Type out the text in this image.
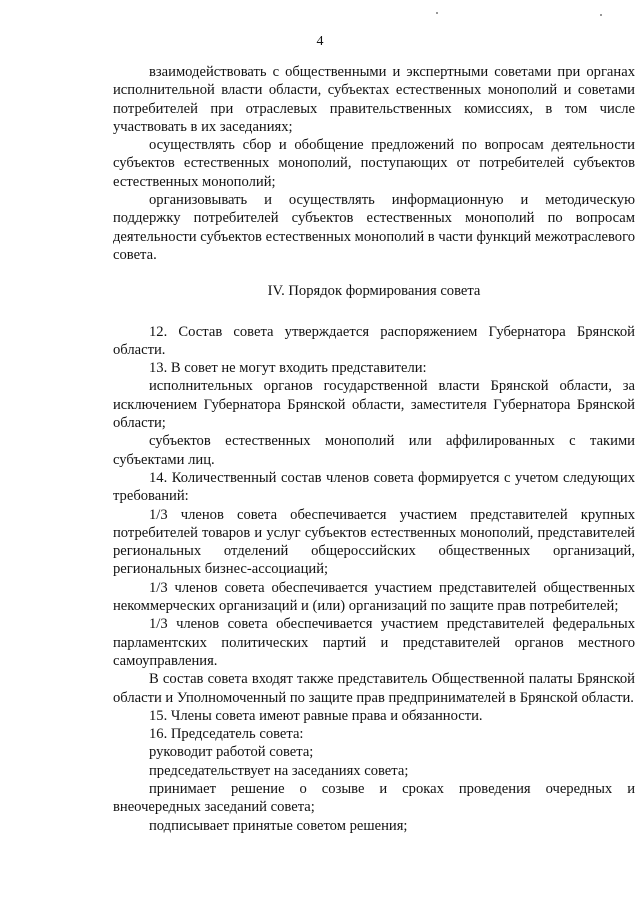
4

взаимодействовать с общественными и экспертными советами при органах исполнительной власти области, субъектах естественных монополий и советами потребителей при отраслевых правительственных комиссиях, в том числе участвовать в их заседаниях;

осуществлять сбор и обобщение предложений по вопросам деятельности субъектов естественных монополий, поступающих от потребителей субъектов естественных монополий;

организовывать и осуществлять информационную и методическую поддержку потребителей субъектов естественных монополий по вопросам деятельности субъектов естественных монополий в части функций межотраслевого совета.

IV. Порядок формирования совета

12. Состав совета утверждается распоряжением Губернатора Брянской области.

13. В совет не могут входить представители:

исполнительных органов государственной власти Брянской области, за исключением Губернатора Брянской области, заместителя Губернатора Брянской области;

субъектов естественных монополий или аффилированных с такими субъектами лиц.

14. Количественный состав членов совета формируется с учетом следующих требований:

1/3 членов совета обеспечивается участием представителей крупных потребителей товаров и услуг субъектов естественных монополий, представителей региональных отделений общероссийских общественных организаций, региональных бизнес-ассоциаций;

1/3 членов совета обеспечивается участием представителей общественных некоммерческих организаций и (или) организаций по защите прав потребителей;

1/3 членов совета обеспечивается участием представителей федеральных парламентских политических партий и представителей органов местного самоуправления.

В состав совета входят также представитель Общественной палаты Брянской области и Уполномоченный по защите прав предпринимателей в Брянской области.

15. Члены совета имеют равные права и обязанности.

16. Председатель совета:

руководит работой совета;

председательствует на заседаниях совета;

принимает решение о созыве и сроках проведения очередных и внеочередных заседаний совета;

подписывает принятые советом решения;
